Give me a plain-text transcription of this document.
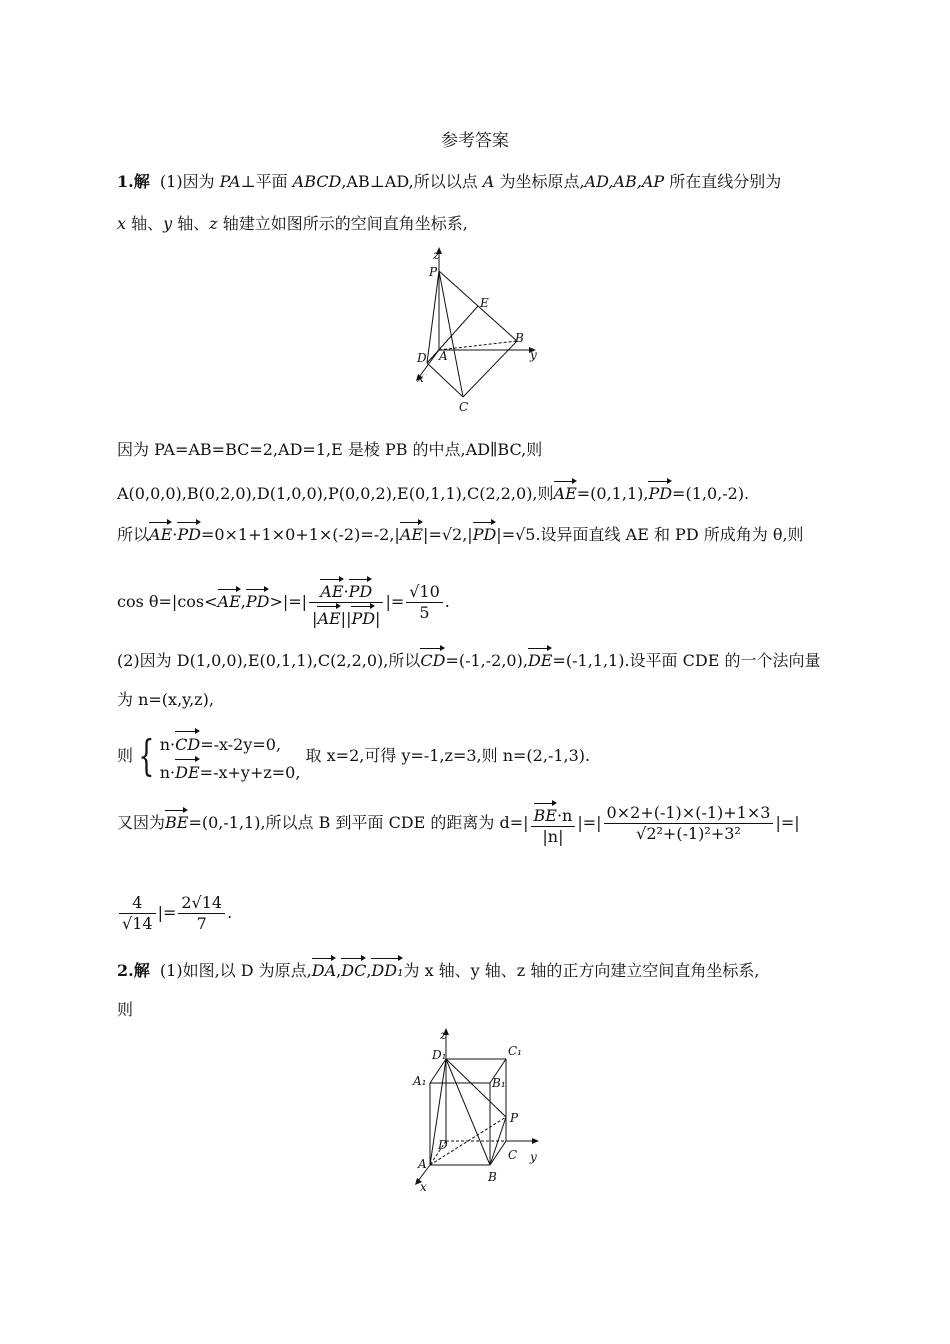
参考答案
1.解 (1)因为 PA⊥平面 ABCD,AB⊥AD,所以以点 A 为坐标原点,AD,AB,AP 所在直线分别为
x 轴、y 轴、z 轴建立如图所示的空间直角坐标系,
z
P
E
B
y
D A
x
C
因为 PA=AB=BC=2,AD=1,E 是棱 PB 的中点,AD∥BC,则
A(0,0,0),B(0,2,0),D(1,0,0),P(0,0,2),E(0,1,1),C(2,2,0),则AE=(0,1,1),PD=(1,0,-2).
所以AE·PD=0×1+1×0+1×(-2)=-2,|AE|=√2,|PD|=√5.设异面直线 AE 和 PD 所成角为 θ,则
$\cos \theta=|\cos<AE,PD>|=| \frac{AE\cdot PD}{|AE||PD|}$ |= $\frac{√10}{5}$ .
(2)因为 D(1,0,0),E(0,1,1),C(2,2,0),所以CD=(-1,-2,0),DE=(-1,1,1).设平面 CDE 的一个法向量
为 n=(x,y,z),
则 { n·CD=-x-2y=0,
n·DE=-x+y+z=0, 取 x=2,可得 y=-1,z=3,则 n=(2,-1,3).
又因为BE=(0,-1,1),所以点 B 到平面 CDE 的距离为 $d=| \frac{BE\cdot n}{|n|}$ |=| $\frac{0\times 2+(-1)\times(-1)+1\times 3}{\text{√2²+(-1)²+3²}}$ |=|
$\frac{4}{√14}$ |= $\frac{2√14}{7}$ .
2.解 (1)如图,以 D 为原点,DA,DC,DD₁为 x 轴、y 轴、z 轴的正方向建立空间直角坐标系,
则
z
D₁	C₁
A₁	B₁
P
D
A
C y
x
B
